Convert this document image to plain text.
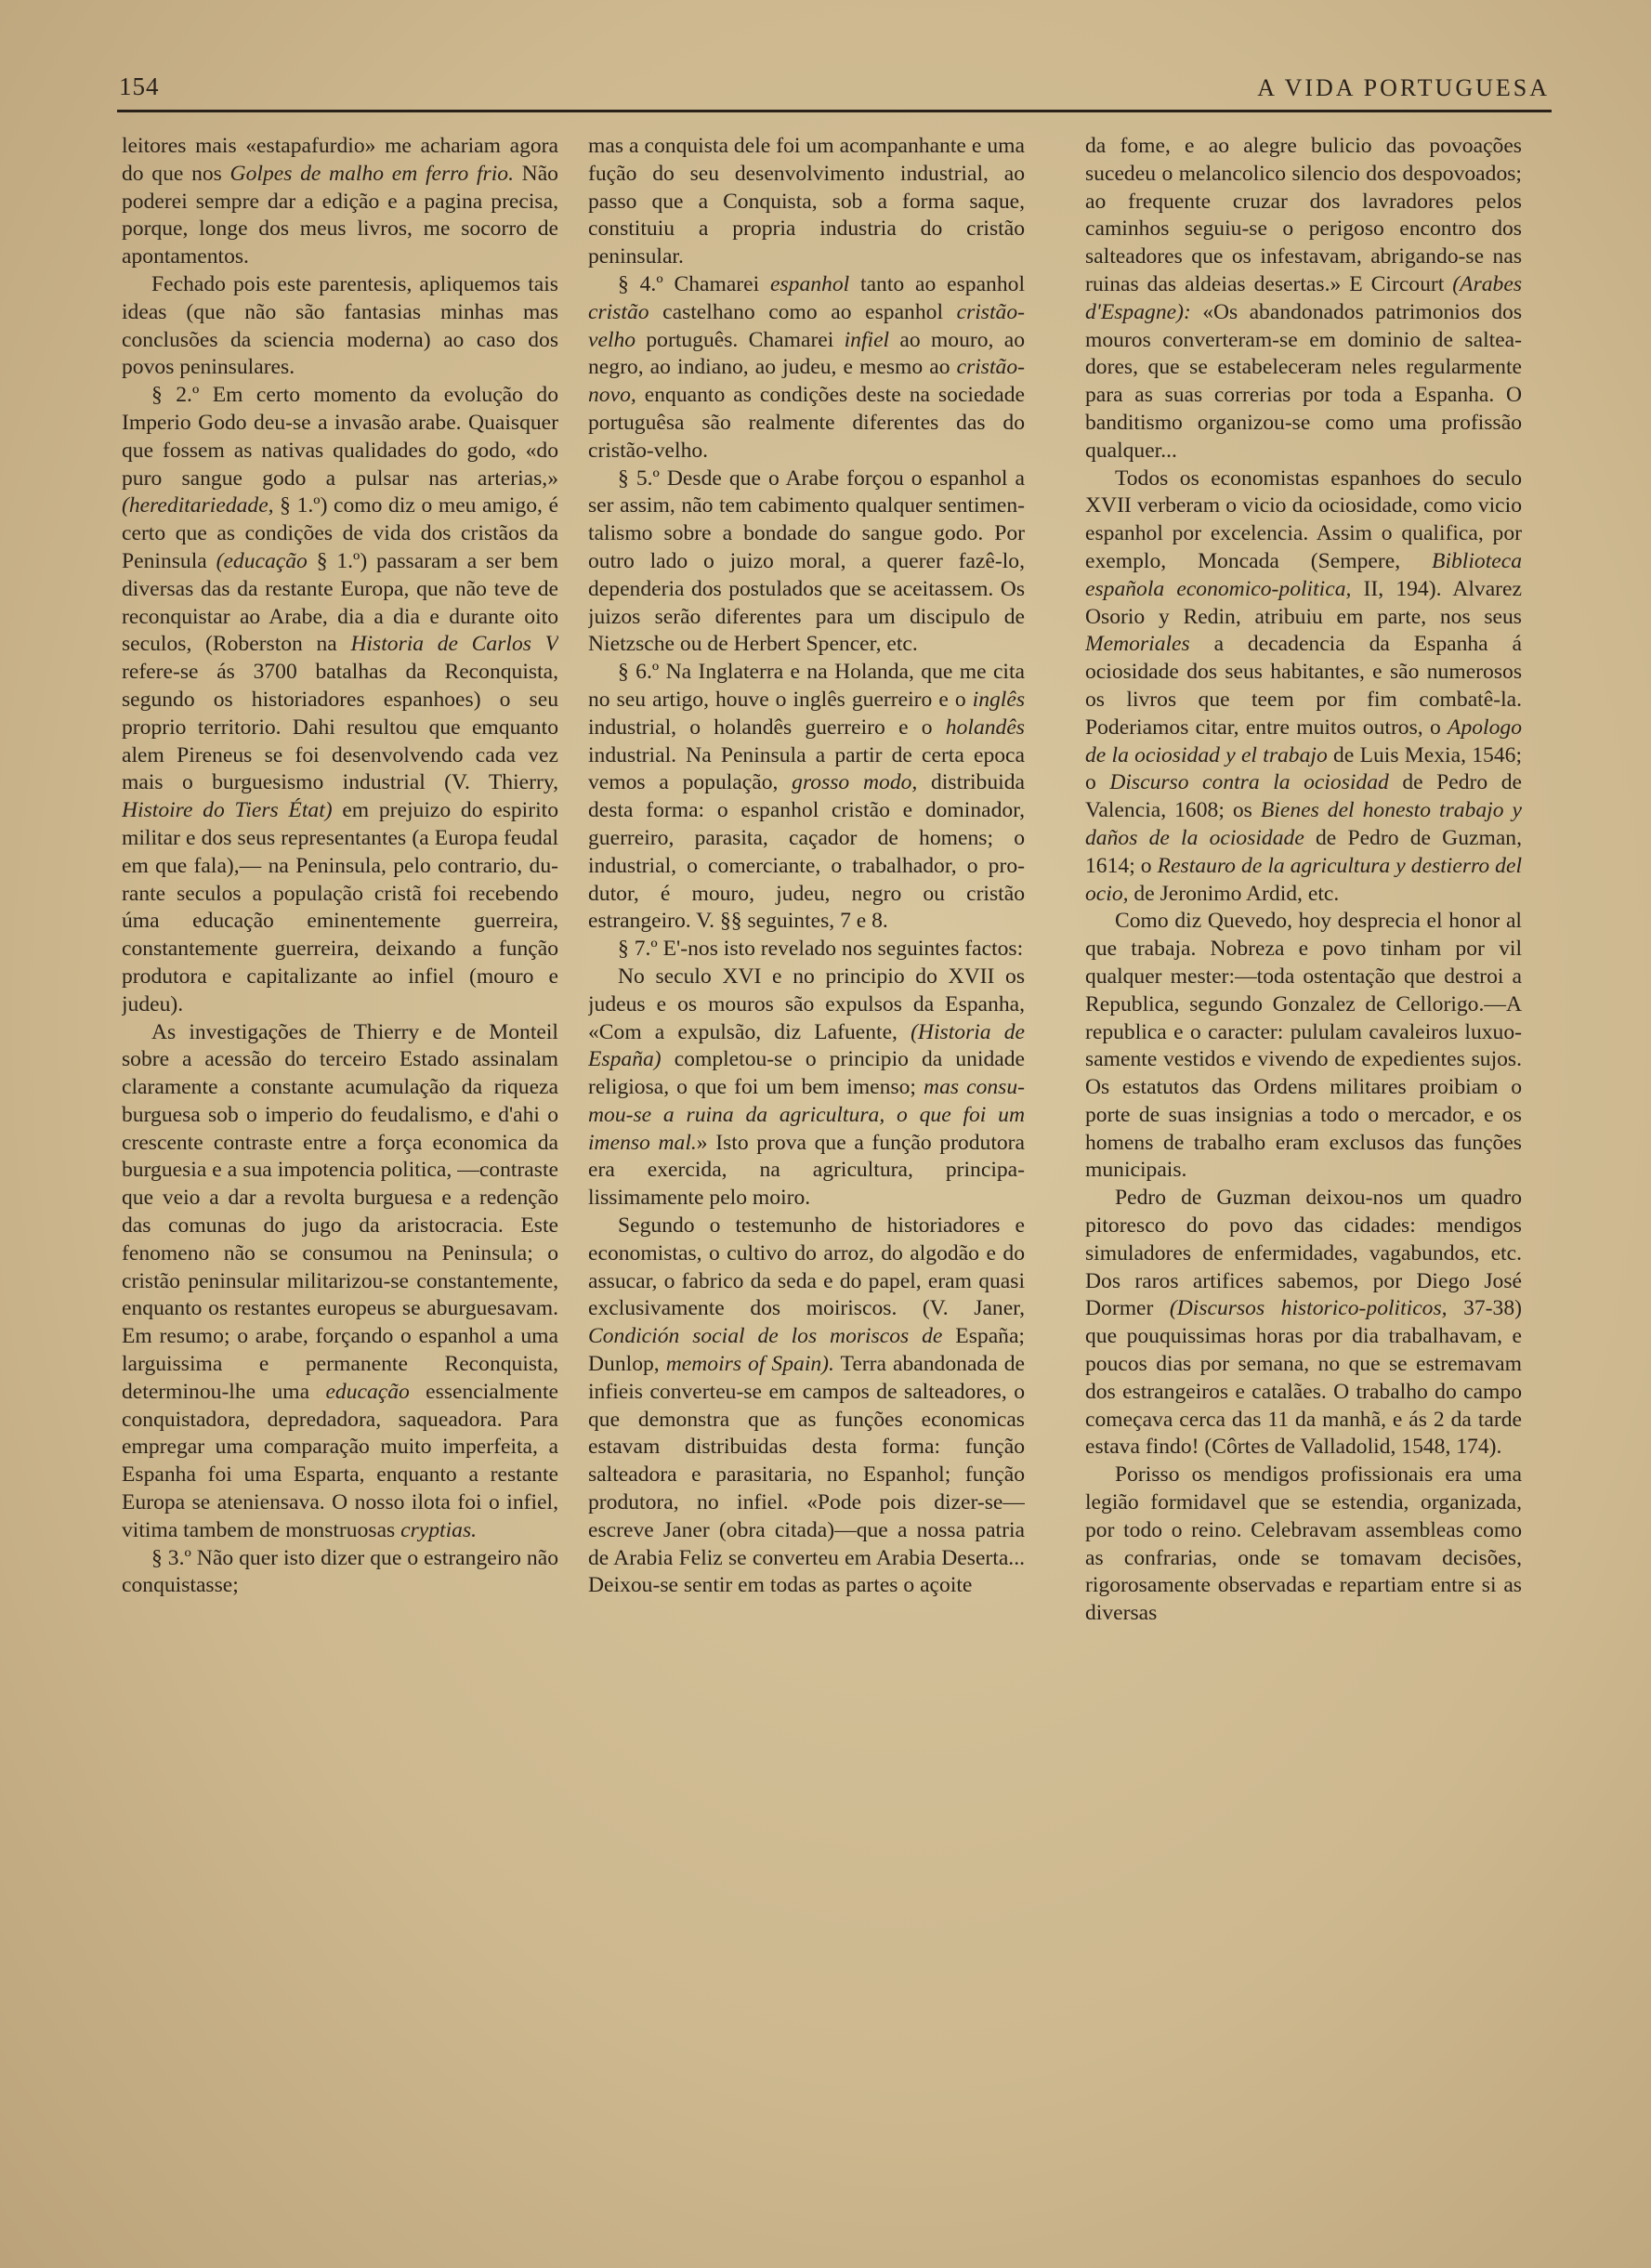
154	A VIDA PORTUGUESA

leitores mais «estapafurdio» me achariam agora do que nos Golpes de malho em ferro frio. Não poderei sempre dar a edição e a pagina precisa, porque, longe dos meus livros, me socorro de apontamentos.

Fechado pois este parentesis, apliquemos tais ideas (que não são fantasias minhas mas conclusões da sciencia moderna) ao caso dos povos peninsulares.

§ 2.º Em certo momento da evolução do Imperio Godo deu-se a invasão arabe. Quaisquer que fossem as nativas qualidades do godo, «do puro sangue godo a pulsar nas arterias,» (hereditariedade, § 1.º) como diz o meu amigo, é certo que as condições de vida dos cristãos da Peninsula (educação § 1.º) passaram a ser bem diversas das da restante Europa, que não teve de reconquistar ao Arabe, dia a dia e durante oito seculos, (Roberston na Historia de Carlos V refere-se ás 3700 batalhas da Reconquista, segundo os historiadores espanhoes) o seu proprio territorio. Dahi resultou que emquanto alem Pireneus se foi desenvolvendo cada vez mais o burguesismo industrial (V. Thierry, Histoire do Tiers État) em prejuizo do espirito militar e dos seus representantes (a Europa feudal em que fala),— na Peninsula, pelo contrario, durante seculos a população cristã foi recebendo úma educação eminentemente guerreira, constantemente guerreira, deixando a função produtora e capitalizante ao infiel (mouro e judeu).

As investigações de Thierry e de Monteil sobre a acessão do terceiro Estado assinalam claramente a constante acumulação da riqueza burguesa sob o imperio do feudalismo, e d'ahi o crescente contraste entre a força economica da burguesia e a sua impotencia politica, —contraste que veio a dar a revolta burguesa e a redenção das comunas do jugo da aristocracia. Este fenomeno não se consumou na Peninsula; o cristão peninsular militarizou-se constantemente, enquanto os restantes europeus se aburguesavam. Em resumo; o arabe, forçando o espanhol a uma larguissima e permanente Reconquista, determinou-lhe uma educação essencialmente conquistadora, depredadora, saqueadora. Para empregar uma comparação muito imperfeita, a Espanha foi uma Esparta, enquanto a restante Europa se ateniensava. O nosso ilota foi o infiel, vitima tambem de monstruosas cryptias.

§ 3.º Não quer isto dizer que o estrangeiro não conquistasse;

mas a conquista dele foi um acompanhante e uma fução do seu desenvolvimento industrial, ao passo que a Conquista, sob a forma saque, constituiu a propria industria do cristão peninsular.

§ 4.º Chamarei espanhol tanto ao espanhol cristão castelhano como ao espanhol cristão-velho português. Chamarei infiel ao mouro, ao negro, ao indiano, ao judeu, e mesmo ao cristão-novo, enquanto as condições deste na sociedade portuguêsa são realmente diferentes das do cristão-velho.

§ 5.º Desde que o Arabe forçou o espanhol a ser assim, não tem cabimento qualquer sentimentalismo sobre a bondade do sangue godo. Por outro lado o juizo moral, a querer fazê-lo, dependeria dos postulados que se aceitassem. Os juizos serão diferentes para um discipulo de Nietzsche ou de Herbert Spencer, etc.

§ 6.º Na Inglaterra e na Holanda, que me cita no seu artigo, houve o inglês guerreiro e o inglês industrial, o holandês guerreiro e o holandês industrial. Na Peninsula a partir de certa epoca vemos a população, grosso modo, distribuida desta forma: o espanhol cristão e dominador, guerreiro, parasita, caçador de homens; o industrial, o comerciante, o trabalhador, o produtor, é mouro, judeu, negro ou cristão estrangeiro. V. §§ seguintes, 7 e 8.

§ 7.º E'-nos isto revelado nos seguintes factos:

No seculo XVI e no principio do XVII os judeus e os mouros são expulsos da Espanha, «Com a expulsão, diz Lafuente, (Historia de España) completou-se o principio da unidade religiosa, o que foi um bem imenso; mas consumou-se a ruina da agricultura, o que foi um imenso mal.» Isto prova que a função produtora era exercida, na agricultura, principalissimamente pelo moiro.

Segundo o testemunho de historiadores e economistas, o cultivo do arroz, do algodão e do assucar, o fabrico da seda e do papel, eram quasi exclusivamente dos moiriscos. (V. Janer, Condición social de los moriscos de España; Dunlop, memoirs of Spain). Terra abandonada de infieis converteu-se em campos de salteadores, o que demonstra que as funções economicas estavam distribuidas desta forma: função salteadora e parasitaria, no Espanhol; função produtora, no infiel. «Pode pois dizer-se—escreve Janer (obra citada)—que a nossa patria de Arabia Feliz se converteu em Arabia Deserta... Deixou-se sentir em todas as partes o açoite

da fome, e ao alegre bulicio das povoações sucedeu o melancolico silencio dos despovoados; ao frequente cruzar dos lavradores pelos caminhos seguiu-se o perigoso encontro dos salteadores que os infestavam, abrigando-se nas ruinas das aldeias desertas.» E Circourt (Arabes d'Espagne): «Os abandonados patrimonios dos mouros converteram-se em dominio de salteadores, que se estabeleceram neles regularmente para as suas correrias por toda a Espanha. O banditismo organizou-se como uma profissão qualquer...

Todos os economistas espanhoes do seculo XVII verberam o vicio da ociosidade, como vicio espanhol por excelencia. Assim o qualifica, por exemplo, Moncada (Sempere, Biblioteca española economico-politica, II, 194). Alvarez Osorio y Redin, atribuiu em parte, nos seus Memoriales a decadencia da Espanha á ociosidade dos seus habitantes, e são numerosos os livros que teem por fim combatê-la. Poderiamos citar, entre muitos outros, o Apologo de la ociosidad y el trabajo de Luis Mexia, 1546; o Discurso contra la ociosidad de Pedro de Valencia, 1608; os Bienes del honesto trabajo y daños de la ociosidade de Pedro de Guzman, 1614; o Restauro de la agricultura y destierro del ocio, de Jeronimo Ardid, etc.

Como diz Quevedo, hoy desprecia el honor al que trabaja. Nobreza e povo tinham por vil qualquer mester:—toda ostentação que destroi a Republica, segundo Gonzalez de Cellorigo.—A republica e o caracter: pululam cavaleiros luxuosamente vestidos e vivendo de expedientes sujos. Os estatutos das Ordens militares proibiam o porte de suas insignias a todo o mercador, e os homens de trabalho eram exclusos das funções municipais.

Pedro de Guzman deixou-nos um quadro pitoresco do povo das cidades: mendigos simuladores de enfermidades, vagabundos, etc. Dos raros artifices sabemos, por Diego José Dormer (Discursos historico-politicos, 37-38) que pouquissimas horas por dia trabalhavam, e poucos dias por semana, no que se estremavam dos estrangeiros e catalães. O trabalho do campo começava cerca das 11 da manhã, e ás 2 da tarde estava findo! (Côrtes de Valladolid, 1548, 174).

Porisso os mendigos profissionais era uma legião formidavel que se estendia, organizada, por todo o reino. Celebravam assembleas como as confrarias, onde se tomavam decisões, rigorosamente observadas e repartiam entre si as diversas
